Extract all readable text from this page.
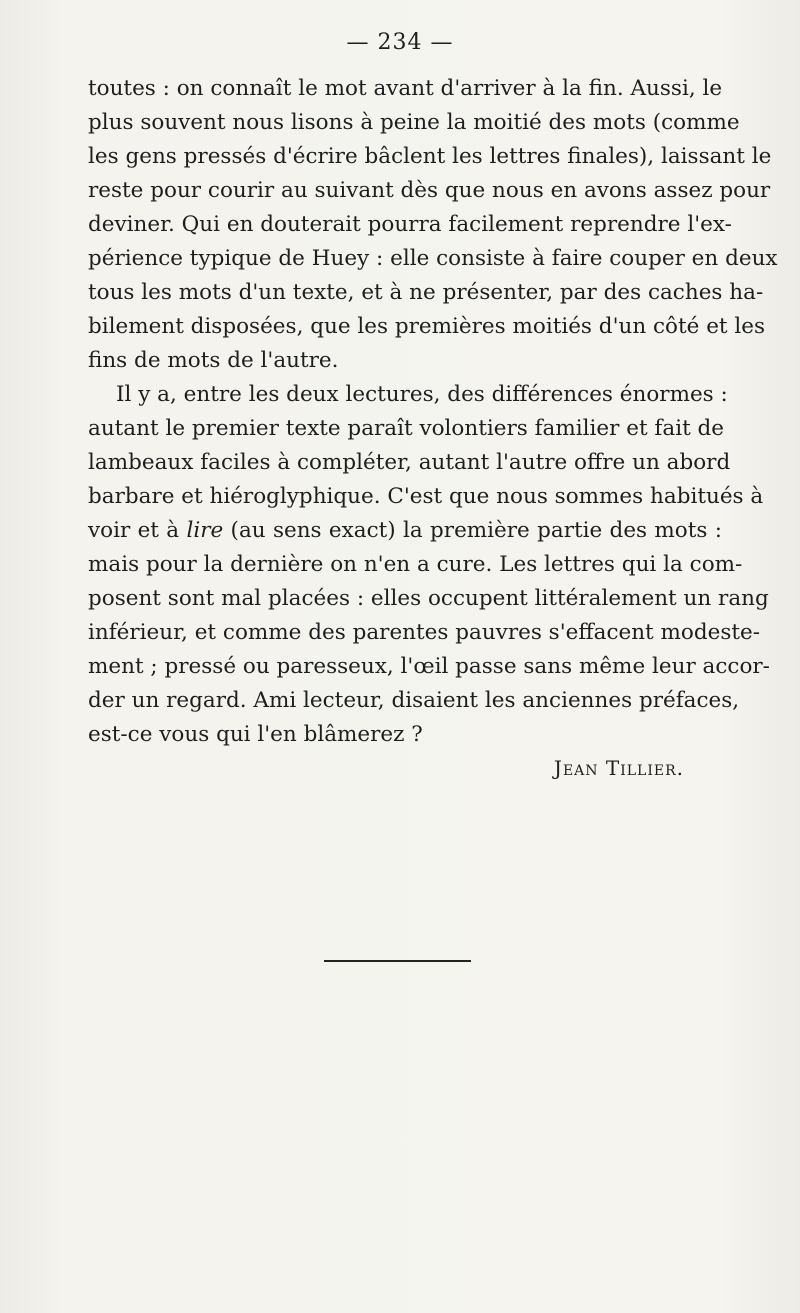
— 234 —
toutes : on connaît le mot avant d'arriver à la fin. Aussi, le
plus souvent nous lisons à peine la moitié des mots (comme
les gens pressés d'écrire bâclent les lettres finales), laissant le
reste pour courir au suivant dès que nous en avons assez pour
deviner. Qui en douterait pourra facilement reprendre l'ex-
périence typique de Huey : elle consiste à faire couper en deux
tous les mots d'un texte, et à ne présenter, par des caches ha-
bilement disposées, que les premières moitiés d'un côté et les
fins de mots de l'autre.
Il y a, entre les deux lectures, des différences énormes :
autant le premier texte paraît volontiers familier et fait de
lambeaux faciles à compléter, autant l'autre offre un abord
barbare et hiéroglyphique. C'est que nous sommes habitués à
voir et à lire (au sens exact) la première partie des mots :
mais pour la dernière on n'en a cure. Les lettres qui la com-
posent sont mal placées : elles occupent littéralement un rang
inférieur, et comme des parentes pauvres s'effacent modeste-
ment ; pressé ou paresseux, l'œil passe sans même leur accor-
der un regard. Ami lecteur, disaient les anciennes préfaces,
est-ce vous qui l'en blâmerez ?
Jean Tillier.
